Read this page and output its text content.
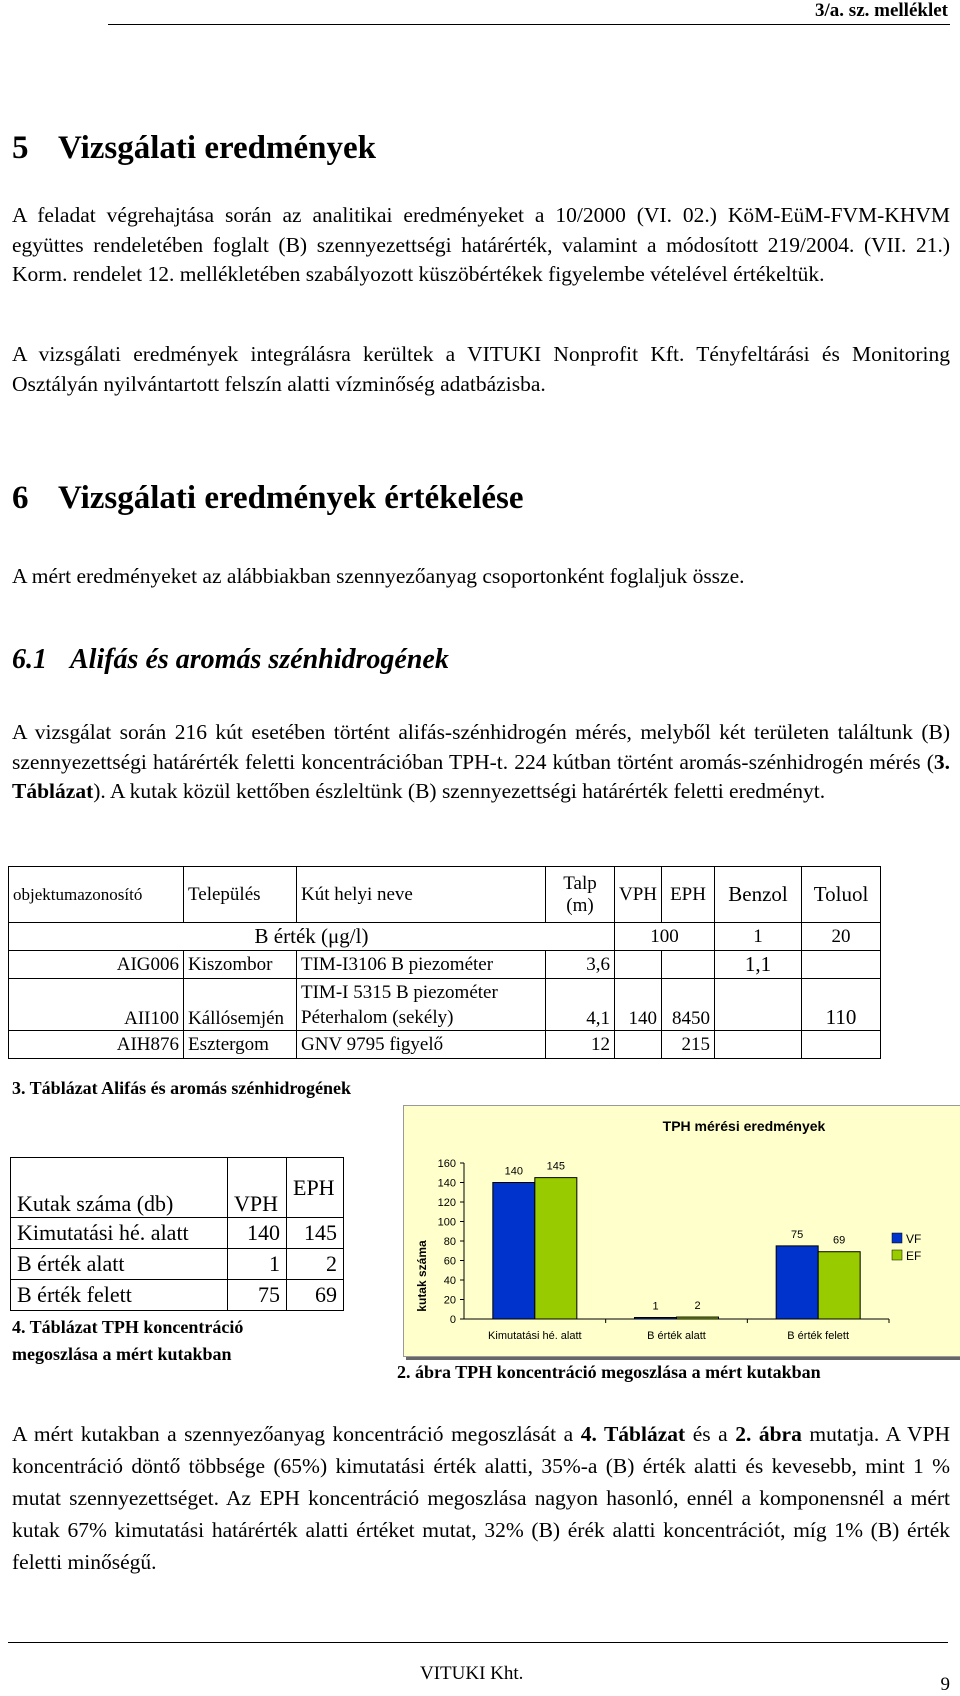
3/a. sz. melléklet
5 Vizsgálati eredmények
A feladat végrehajtása során az analitikai eredményeket a 10/2000 (VI. 02.) KöM-EüM-FVM-KHVM együttes rendeletében foglalt (B) szennyezettségi határérték, valamint a módosított 219/2004. (VII. 21.) Korm. rendelet 12. mellékletében szabályozott küszöbértékek figyelembe vételével értékeltük.
A vizsgálati eredmények integrálásra kerültek a VITUKI Nonprofit Kft. Tényfeltárási és Monitoring Osztályán nyilvántartott felszín alatti vízminőség adatbázisba.
6 Vizsgálati eredmények értékelése
A mért eredményeket az alábbiakban szennyezőanyag csoportonként foglaljuk össze.
6.1 Alifás és aromás szénhidrogének
A vizsgálat során 216 kút esetében történt alifás-szénhidrogén mérés, melyből két területen találtunk (B) szennyezettségi határérték feletti koncentrációban TPH-t. 224 kútban történt aromás-szénhidrogén mérés (3. Táblázat). A kutak közül kettőben észleltünk (B) szennyezettségi határérték feletti eredményt.
objektumazonosító	Település	Kút helyi neve	Talp (m)	VPH	EPH	Benzol	Toluol
B érték (μg/l)				100		1	20
AIG006	Kiszombor	TIM-I3106 B piezométer	3,6			1,1	
AII100	Kállósemjén	TIM-I 5315 B piezométer
Péterhalom (sekély)	4,1	140	8450		110
AIH876	Esztergom	GNV 9795 figyelő	12		215		
3. Táblázat Alifás és aromás szénhidrogének
Kutak száma (db)	VPH	EPH
Kimutatási hé. alatt	140	145
B érték alatt	1	2
B érték felett	75	69
4. Táblázat TPH koncentráció
megoszlása a mért kutakban
TPH mérési eredmények
kutak száma
0
20
40
60
80
100
120
140
160
Kimutatási hé. alatt
140 145
B érték alatt
1	2
B érték felett
75	69	VF
EF
2. ábra TPH koncentráció megoszlása a mért kutakban
A mért kutakban a szennyezőanyag koncentráció megoszlását a 4. Táblázat és a 2. ábra mutatja. A VPH koncentráció döntő többsége (65%) kimutatási érték alatti, 35%-a (B) érték alatti és kevesebb, mint 1 % mutat szennyezettséget. Az EPH koncentráció megoszlása nagyon hasonló, ennél a komponensnél a mért kutak 67% kimutatási határérték alatti értéket mutat, 32% (B) érék alatti koncentrációt, míg 1% (B) érték feletti minőségű.
VITUKI Kht.
9
